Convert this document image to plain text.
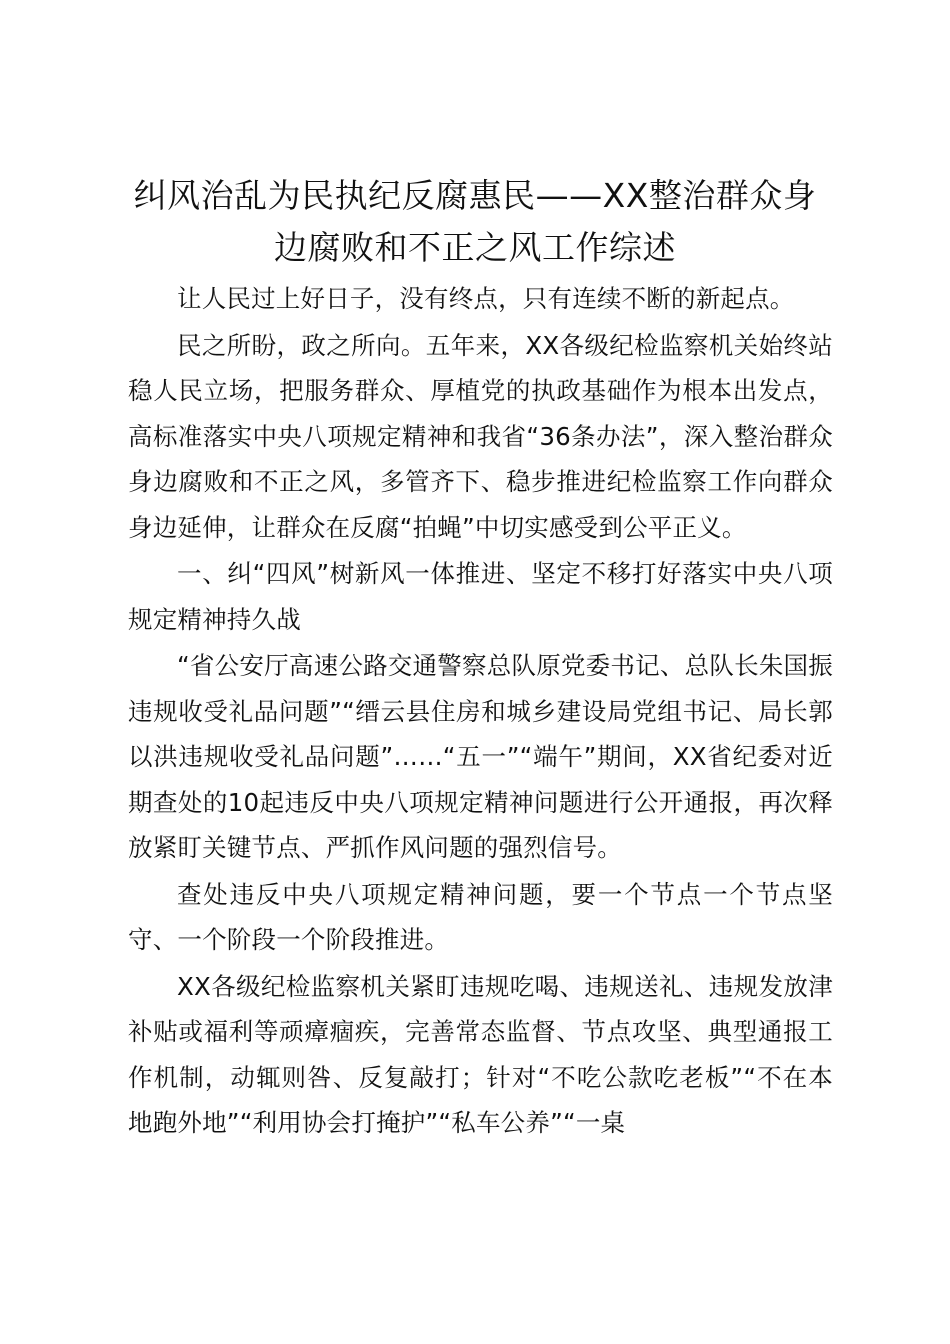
纠风治乱为民执纪反腐惠民——XX整治群众身边腐败和不正之风工作综述

让人民过上好日子，没有终点，只有连续不断的新起点。

民之所盼，政之所向。五年来，XX各级纪检监察机关始终站稳人民立场，把服务群众、厚植党的执政基础作为根本出发点，高标准落实中央八项规定精神和我省“36条办法”，深入整治群众身边腐败和不正之风，多管齐下、稳步推进纪检监察工作向群众身边延伸，让群众在反腐“拍蝇”中切实感受到公平正义。

一、纠“四风”树新风一体推进、坚定不移打好落实中央八项规定精神持久战

“省公安厅高速公路交通警察总队原党委书记、总队长朱国振违规收受礼品问题”“缙云县住房和城乡建设局党组书记、局长郭以洪违规收受礼品问题”……“五一”“端午”期间，XX省纪委对近期查处的10起违反中央八项规定精神问题进行公开通报，再次释放紧盯关键节点、严抓作风问题的强烈信号。

查处违反中央八项规定精神问题，要一个节点一个节点坚守、一个阶段一个阶段推进。

XX各级纪检监察机关紧盯违规吃喝、违规送礼、违规发放津补贴或福利等顽瘴痼疾，完善常态监督、节点攻坚、典型通报工作机制，动辄则咎、反复敲打；针对“不吃公款吃老板”“不在本地跑外地”“利用协会打掩护”“私车公养”“一桌
